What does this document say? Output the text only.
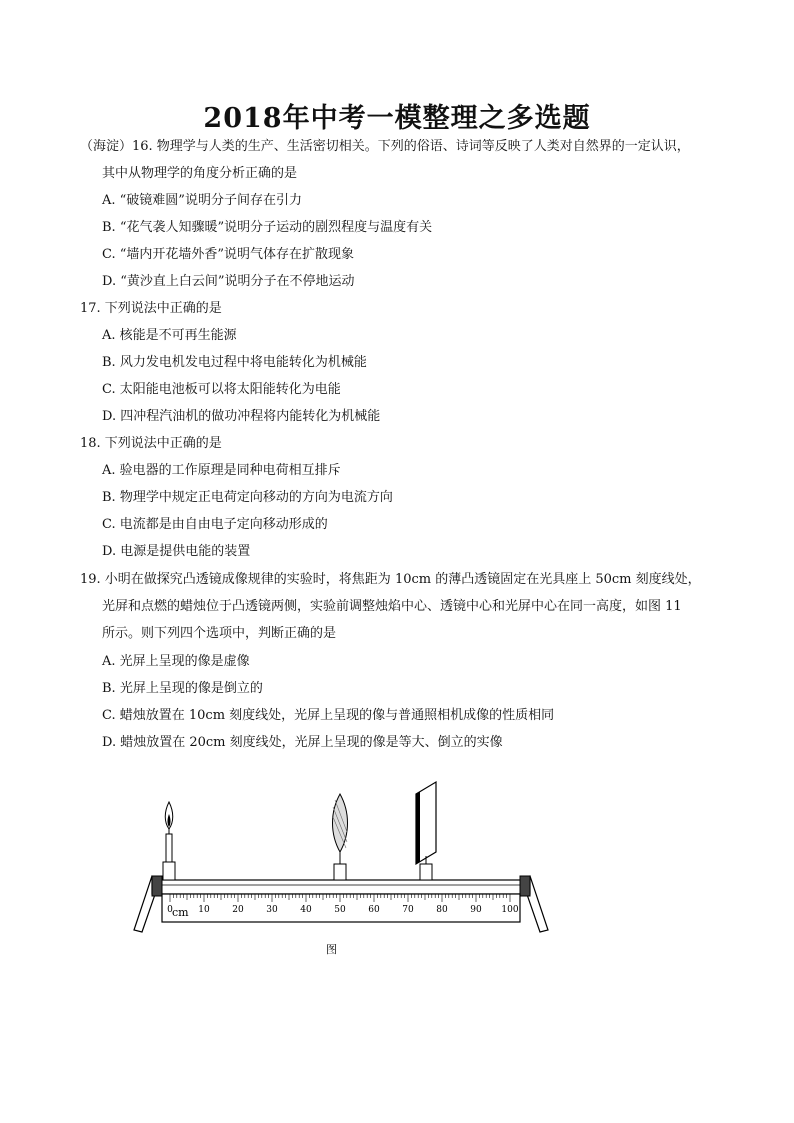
2018年中考一模整理之多选题
（海淀）16. 物理学与人类的生产、生活密切相关。下列的俗语、诗词等反映了人类对自然界的一定认识，
其中从物理学的角度分析正确的是
A. “破镜难圆”说明分子间存在引力
B. “花气袭人知骤暖”说明分子运动的剧烈程度与温度有关
C. “墙内开花墙外香”说明气体存在扩散现象
D. “黄沙直上白云间”说明分子在不停地运动
17. 下列说法中正确的是
A. 核能是不可再生能源
B. 风力发电机发电过程中将电能转化为机械能
C. 太阳能电池板可以将太阳能转化为电能
D. 四冲程汽油机的做功冲程将内能转化为机械能
18. 下列说法中正确的是
A. 验电器的工作原理是同种电荷相互排斥
B. 物理学中规定正电荷定向移动的方向为电流方向
C. 电流都是由自由电子定向移动形成的
D. 电源是提供电能的装置
19. 小明在做探究凸透镜成像规律的实验时，将焦距为 10cm 的薄凸透镜固定在光具座上 50cm 刻度线处，
光屏和点燃的蜡烛位于凸透镜两侧，实验前调整烛焰中心、透镜中心和光屏中心在同一高度，如图 11
所示。则下列四个选项中，判断正确的是
A. 光屏上呈现的像是虚像
B. 光屏上呈现的像是倒立的
C. 蜡烛放置在 10cm 刻度线处，光屏上呈现的像与普通照相机成像的性质相同
D. 蜡烛放置在 20cm 刻度线处，光屏上呈现的像是等大、倒立的实像
0	10	20	30	40	50	60	70	80	90 100
cm
图
